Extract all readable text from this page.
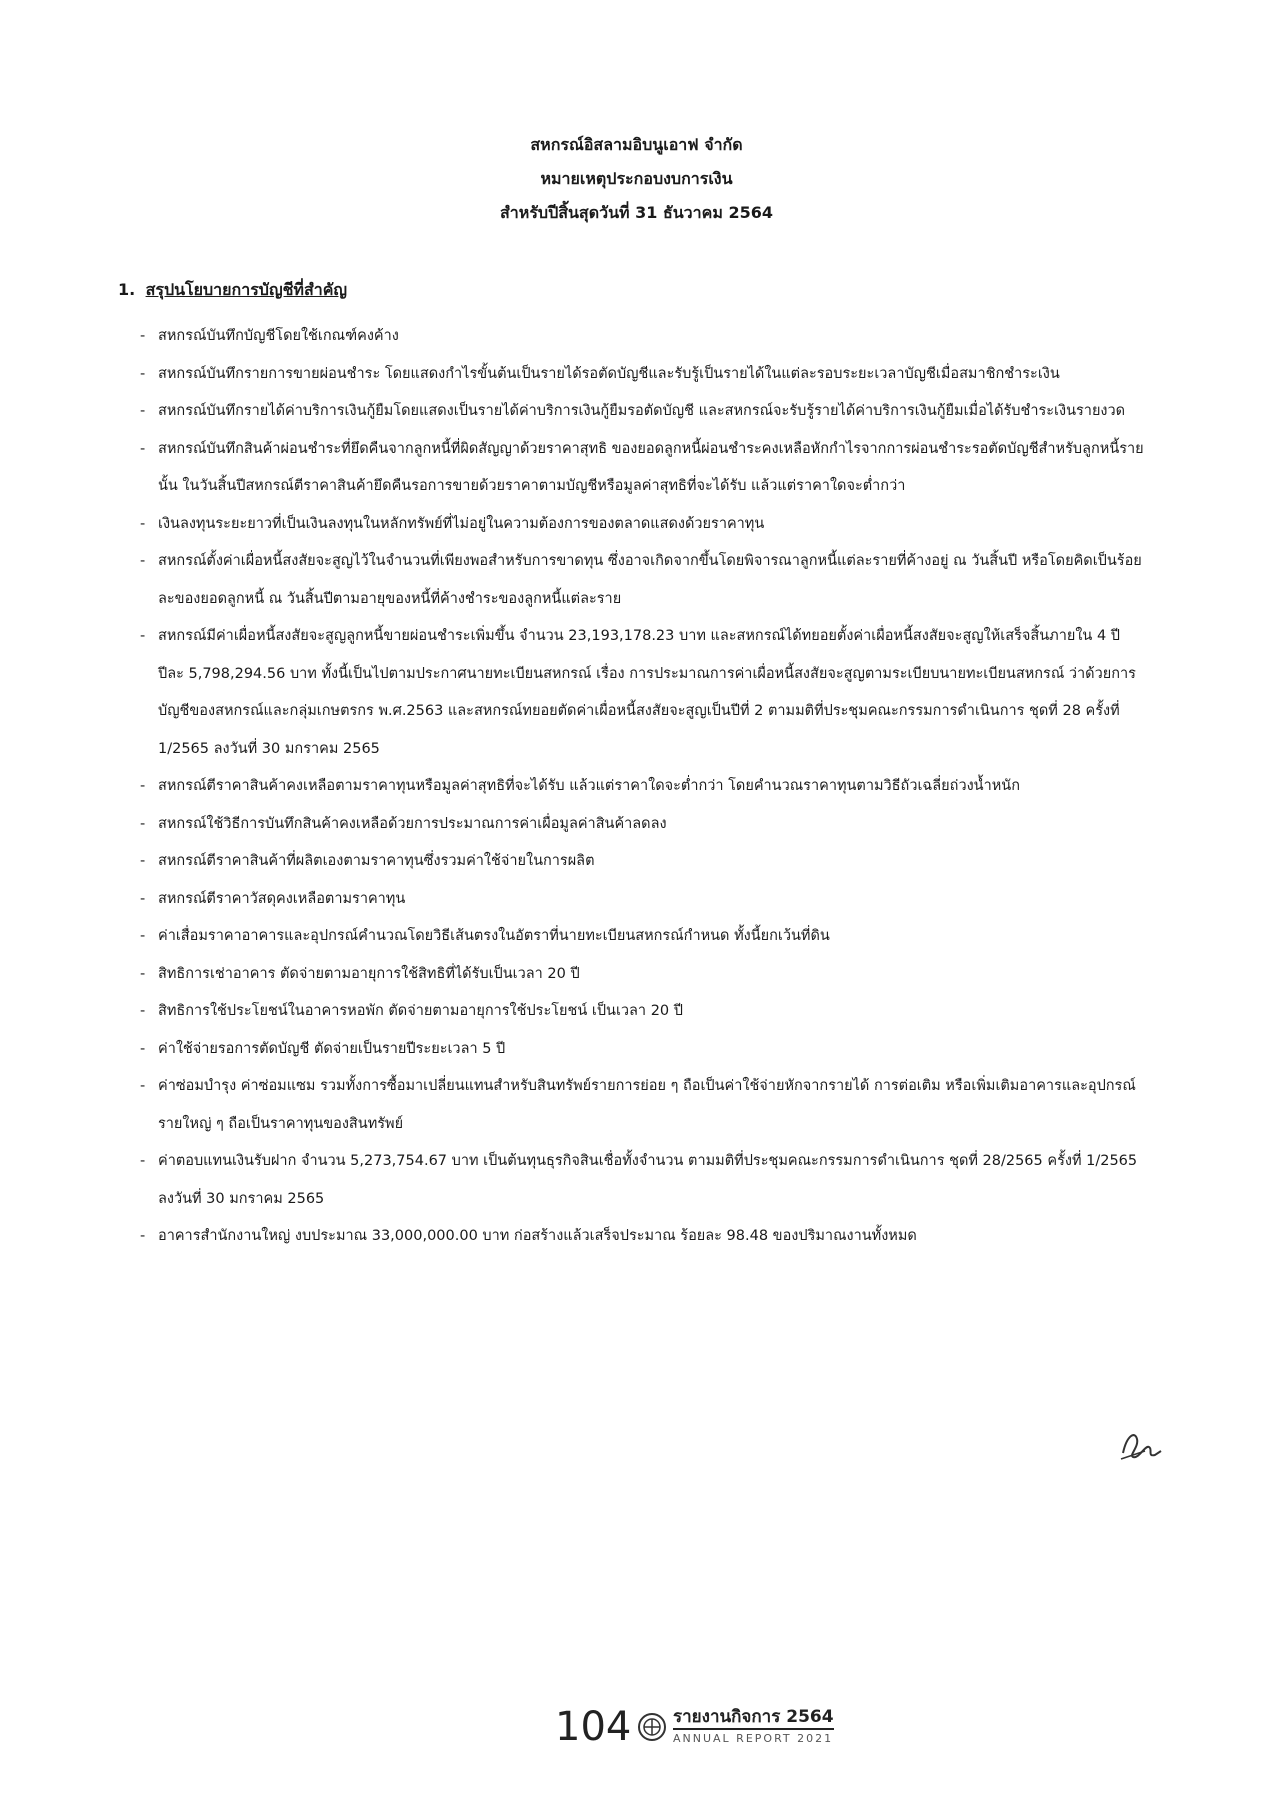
สหกรณ์อิสลามอิบนูเอาฟ จำกัด
หมายเหตุประกอบงบการเงิน
สำหรับปีสิ้นสุดวันที่ 31 ธันวาคม 2564
1. สรุปนโยบายการบัญชีที่สำคัญ
- สหกรณ์บันทึกบัญชีโดยใช้เกณฑ์คงค้าง
- สหกรณ์บันทึกรายการขายผ่อนชำระ โดยแสดงกำไรขั้นต้นเป็นรายได้รอตัดบัญชีและรับรู้เป็นรายได้ในแต่ละรอบระยะเวลาบัญชีเมื่อสมาชิกชำระเงิน
- สหกรณ์บันทึกรายได้ค่าบริการเงินกู้ยืมโดยแสดงเป็นรายได้ค่าบริการเงินกู้ยืมรอตัดบัญชี และสหกรณ์จะรับรู้รายได้ค่าบริการเงินกู้ยืมเมื่อได้รับชำระเงินรายงวด
- สหกรณ์บันทึกสินค้าผ่อนชำระที่ยึดคืนจากลูกหนี้ที่ผิดสัญญาด้วยราคาสุทธิ ของยอดลูกหนี้ผ่อนชำระคงเหลือหักกำไรจากการผ่อนชำระรอตัดบัญชีสำหรับลูกหนี้รายนั้น ในวันสิ้นปีสหกรณ์ตีราคาสินค้ายึดคืนรอการขายด้วยราคาตามบัญชีหรือมูลค่าสุทธิที่จะได้รับ แล้วแต่ราคาใดจะต่ำกว่า
- เงินลงทุนระยะยาวที่เป็นเงินลงทุนในหลักทรัพย์ที่ไม่อยู่ในความต้องการของตลาดแสดงด้วยราคาทุน
- สหกรณ์ตั้งค่าเผื่อหนี้สงสัยจะสูญไว้ในจำนวนที่เพียงพอสำหรับการขาดทุน ซึ่งอาจเกิดจากขึ้นโดยพิจารณาลูกหนี้แต่ละรายที่ค้างอยู่ ณ วันสิ้นปี หรือโดยคิดเป็นร้อยละของยอดลูกหนี้ ณ วันสิ้นปีตามอายุของหนี้ที่ค้างชำระของลูกหนี้แต่ละราย
- สหกรณ์มีค่าเผื่อหนี้สงสัยจะสูญลูกหนี้ขายผ่อนชำระเพิ่มขึ้น จำนวน 23,193,178.23 บาท และสหกรณ์ได้ทยอยตั้งค่าเผื่อหนี้สงสัยจะสูญให้เสร็จสิ้นภายใน 4 ปี ปีละ 5,798,294.56 บาท ทั้งนี้เป็นไปตามประกาศนายทะเบียนสหกรณ์ เรื่อง การประมาณการค่าเผื่อหนี้สงสัยจะสูญตามระเบียบนายทะเบียนสหกรณ์ ว่าด้วยการบัญชีของสหกรณ์และกลุ่มเกษตรกร พ.ศ.2563 และสหกรณ์ทยอยตัดค่าเผื่อหนี้สงสัยจะสูญเป็นปีที่ 2 ตามมติที่ประชุมคณะกรรมการดำเนินการ ชุดที่ 28 ครั้งที่ 1/2565 ลงวันที่ 30 มกราคม 2565
- สหกรณ์ตีราคาสินค้าคงเหลือตามราคาทุนหรือมูลค่าสุทธิที่จะได้รับ แล้วแต่ราคาใดจะต่ำกว่า โดยคำนวณราคาทุนตามวิธีถัวเฉลี่ยถ่วงน้ำหนัก
- สหกรณ์ใช้วิธีการบันทึกสินค้าคงเหลือด้วยการประมาณการค่าเผื่อมูลค่าสินค้าลดลง
- สหกรณ์ตีราคาสินค้าที่ผลิตเองตามราคาทุนซึ่งรวมค่าใช้จ่ายในการผลิต
- สหกรณ์ตีราคาวัสดุคงเหลือตามราคาทุน
- ค่าเสื่อมราคาอาคารและอุปกรณ์คำนวณโดยวิธีเส้นตรงในอัตราที่นายทะเบียนสหกรณ์กำหนด ทั้งนี้ยกเว้นที่ดิน
- สิทธิการเช่าอาคาร ตัดจ่ายตามอายุการใช้สิทธิที่ได้รับเป็นเวลา 20 ปี
- สิทธิการใช้ประโยชน์ในอาคารหอพัก ตัดจ่ายตามอายุการใช้ประโยชน์ เป็นเวลา 20 ปี
- ค่าใช้จ่ายรอการตัดบัญชี ตัดจ่ายเป็นรายปีระยะเวลา 5 ปี
- ค่าซ่อมบำรุง ค่าซ่อมแซม รวมทั้งการซื้อมาเปลี่ยนแทนสำหรับสินทรัพย์รายการย่อย ๆ ถือเป็นค่าใช้จ่ายหักจากรายได้ การต่อเติม หรือเพิ่มเติมอาคารและอุปกรณ์รายใหญ่ ๆ ถือเป็นราคาทุนของสินทรัพย์
- ค่าตอบแทนเงินรับฝาก จำนวน 5,273,754.67 บาท เป็นต้นทุนธุรกิจสินเชื่อทั้งจำนวน ตามมติที่ประชุมคณะกรรมการดำเนินการ ชุดที่ 28/2565 ครั้งที่ 1/2565 ลงวันที่ 30 มกราคม 2565
- อาคารสำนักงานใหญ่ งบประมาณ 33,000,000.00 บาท ก่อสร้างแล้วเสร็จประมาณ ร้อยละ 98.48 ของปริมาณงานทั้งหมด
104 รายงานกิจการ 2564
ANNUAL REPORT 2021
